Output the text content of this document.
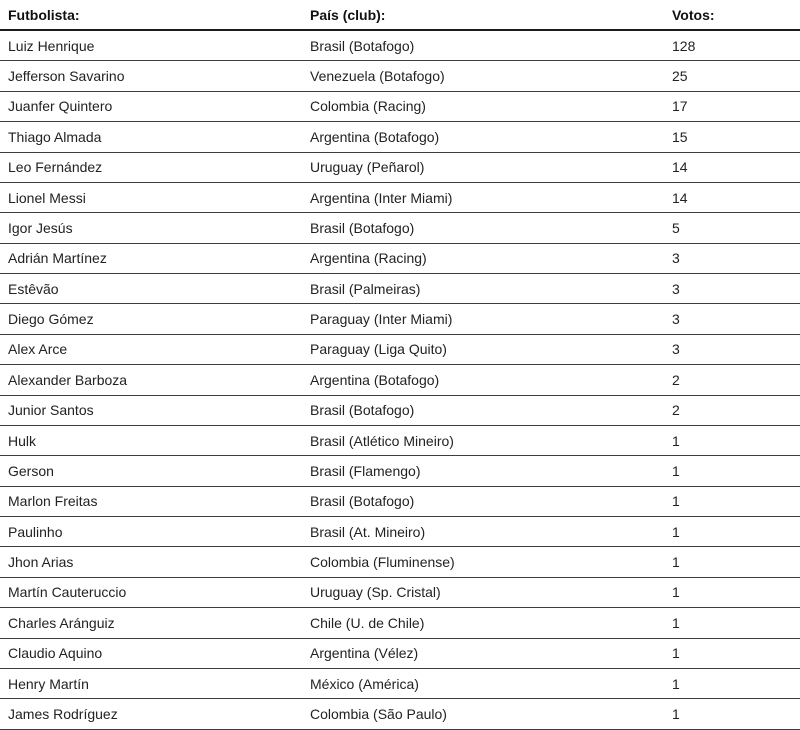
Futbolista:	País (club):	Votos:
Luiz Henrique	Brasil (Botafogo)	128
Jefferson Savarino	Venezuela (Botafogo)	25
Juanfer Quintero	Colombia (Racing)	17
Thiago Almada	Argentina (Botafogo)	15
Leo Fernández	Uruguay (Peñarol)	14
Lionel Messi	Argentina (Inter Miami)	14
Igor Jesús	Brasil (Botafogo)	5
Adrián Martínez	Argentina (Racing)	3
Estêvão	Brasil (Palmeiras)	3
Diego Gómez	Paraguay (Inter Miami)	3
Alex Arce	Paraguay (Liga Quito)	3
Alexander Barboza	Argentina (Botafogo)	2
Junior Santos	Brasil (Botafogo)	2
Hulk	Brasil (Atlético Mineiro)	1
Gerson	Brasil (Flamengo)	1
Marlon Freitas	Brasil (Botafogo)	1
Paulinho	Brasil (At. Mineiro)	1
Jhon Arias	Colombia (Fluminense)	1
Martín Cauteruccio	Uruguay (Sp. Cristal)	1
Charles Aránguiz	Chile (U. de Chile)	1
Claudio Aquino	Argentina (Vélez)	1
Henry Martín	México (América)	1
James Rodríguez	Colombia (São Paulo)	1
